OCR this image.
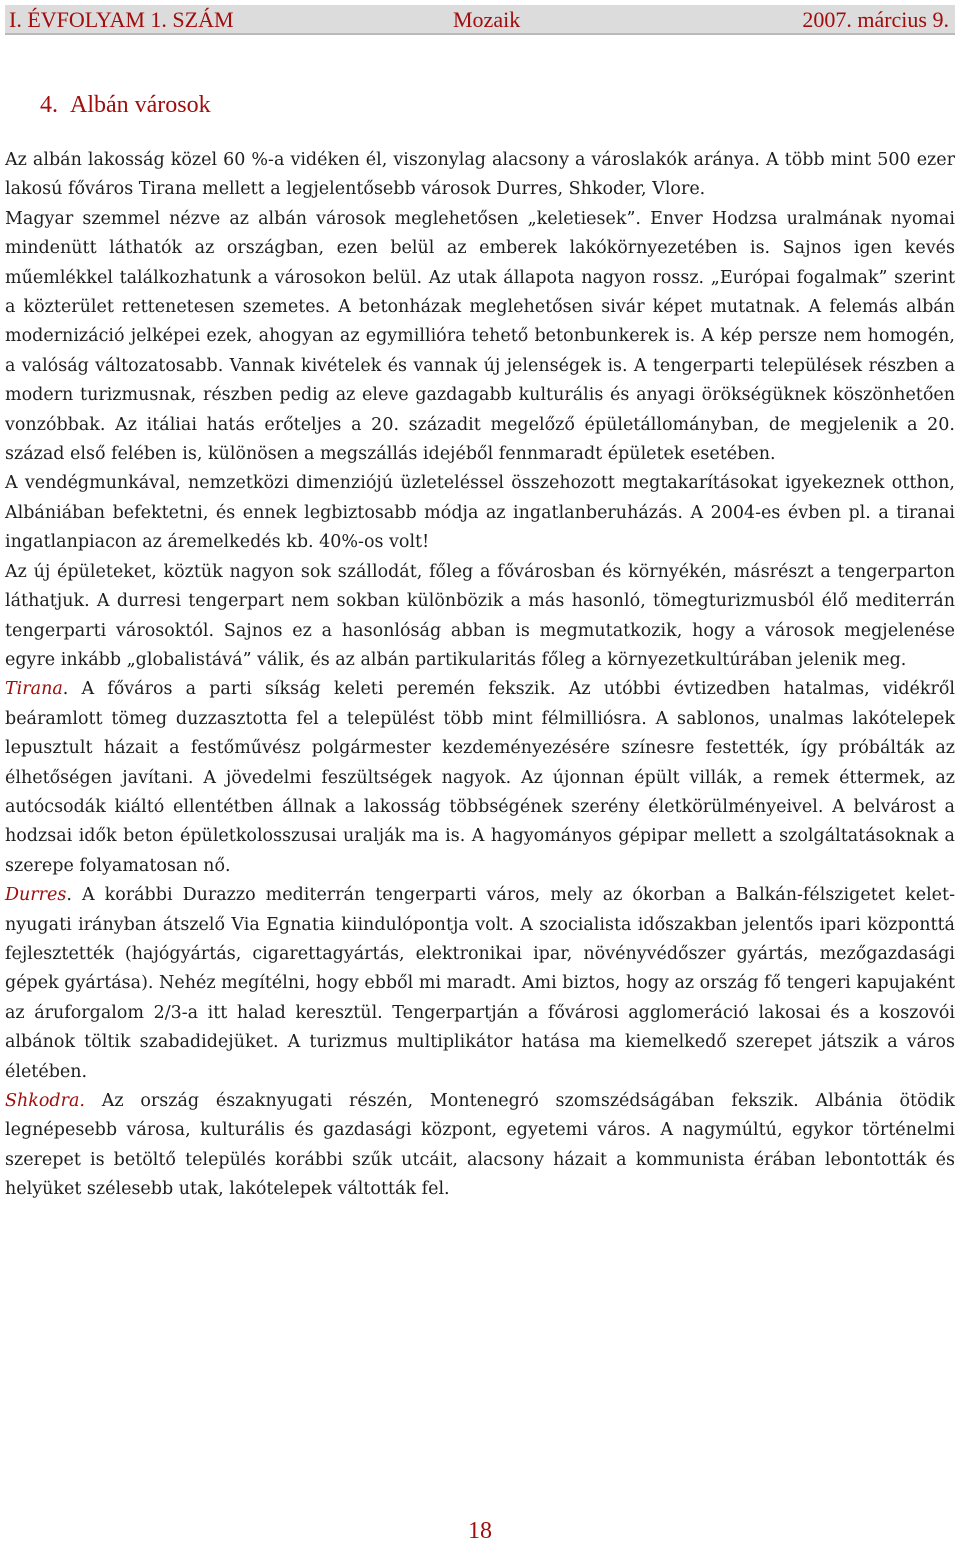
I. ÉVFOLYAM 1. SZÁM	Mozaik	2007. március 9.
4. Albán városok

Az albán lakosság közel 60 %-a vidéken él, viszonylag alacsony a városlakók aránya. A több mint 500 ezer lakosú főváros Tirana mellett a legjelentősebb városok Durres, Shkoder, Vlore.

Magyar szemmel nézve az albán városok meglehetősen „keletiesek”. Enver Hodzsa uralmának nyomai mindenütt láthatók az országban, ezen belül az emberek lakókörnyezetében is. Sajnos igen kevés műemlékkel találkozhatunk a városokon belül. Az utak állapota nagyon rossz. „Európai fogalmak” szerint a közterület rettenetesen szemetes. A betonházak meglehetősen sivár képet mutatnak. A felemás albán modernizáció jelképei ezek, ahogyan az egymillióra tehető betonbunkerek is. A kép persze nem homogén, a valóság változatosabb. Vannak kivételek és vannak új jelenségek is. A tengerparti települések részben a modern turizmusnak, részben pedig az eleve gazdagabb kulturális és anyagi örökségüknek köszönhetően vonzóbbak. Az itáliai hatás erőteljes a 20. századit megelőző épületállományban, de megjelenik a 20. század első felében is, különösen a megszállás idejéből fennmaradt épületek esetében.

A vendégmunkával, nemzetközi dimenziójú üzleteléssel összehozott megtakarításokat igyekeznek otthon, Albániában befektetni, és ennek legbiztosabb módja az ingatlanberuházás. A 2004-es évben pl. a tiranai ingatlanpiacon az áremelkedés kb. 40%-os volt!

Az új épületeket, köztük nagyon sok szállodát, főleg a fővárosban és környékén, másrészt a tengerparton láthatjuk. A durresi tengerpart nem sokban különbözik a más hasonló, tömegturizmusból élő mediterrán tengerparti városoktól. Sajnos ez a hasonlóság abban is megmutatkozik, hogy a városok megjelenése egyre inkább „globalistává” válik, és az albán partikularitás főleg a környezetkultúrában jelenik meg.

Tirana. A főváros a parti síkság keleti peremén fekszik. Az utóbbi évtizedben hatalmas, vidékről beáramlott tömeg duzzasztotta fel a települést több mint félmilliósra. A sablonos, unalmas lakótelepek lepusztult házait a festőművész polgármester kezdeményezésére színesre festették, így próbálták az élhetőségen javítani. A jövedelmi feszültségek nagyok. Az újonnan épült villák, a remek éttermek, az autócsodák kiáltó ellentétben állnak a lakosság többségének szerény életkörülményeivel. A belvárost a hodzsai idők beton épületkolosszusai uralják ma is. A hagyományos gépipar mellett a szolgáltatásoknak a szerepe folyamatosan nő.

Durres. A korábbi Durazzo mediterrán tengerparti város, mely az ókorban a Balkán-félszigetet kelet-nyugati irányban átszelő Via Egnatia kiindulópontja volt. A szocialista időszakban jelentős ipari központtá fejlesztették (hajógyártás, cigarettagyártás, elektronikai ipar, növényvédőszer gyártás, mezőgazdasági gépek gyártása). Nehéz megítélni, hogy ebből mi maradt. Ami biztos, hogy az ország fő tengeri kapujaként az áruforgalom 2/3-a itt halad keresztül. Tengerpartján a fővárosi agglomeráció lakosai és a koszovói albánok töltik szabadidejüket. A turizmus multiplikátor hatása ma kiemelkedő szerepet játszik a város életében.

Shkodra. Az ország északnyugati részén, Montenegró szomszédságában fekszik. Albánia ötödik legnépesebb városa, kulturális és gazdasági központ, egyetemi város. A nagymúltú, egykor történelmi szerepet is betöltő település korábbi szűk utcáit, alacsony házait a kommunista érában lebontották és helyüket szélesebb utak, lakótelepek váltották fel.

18
